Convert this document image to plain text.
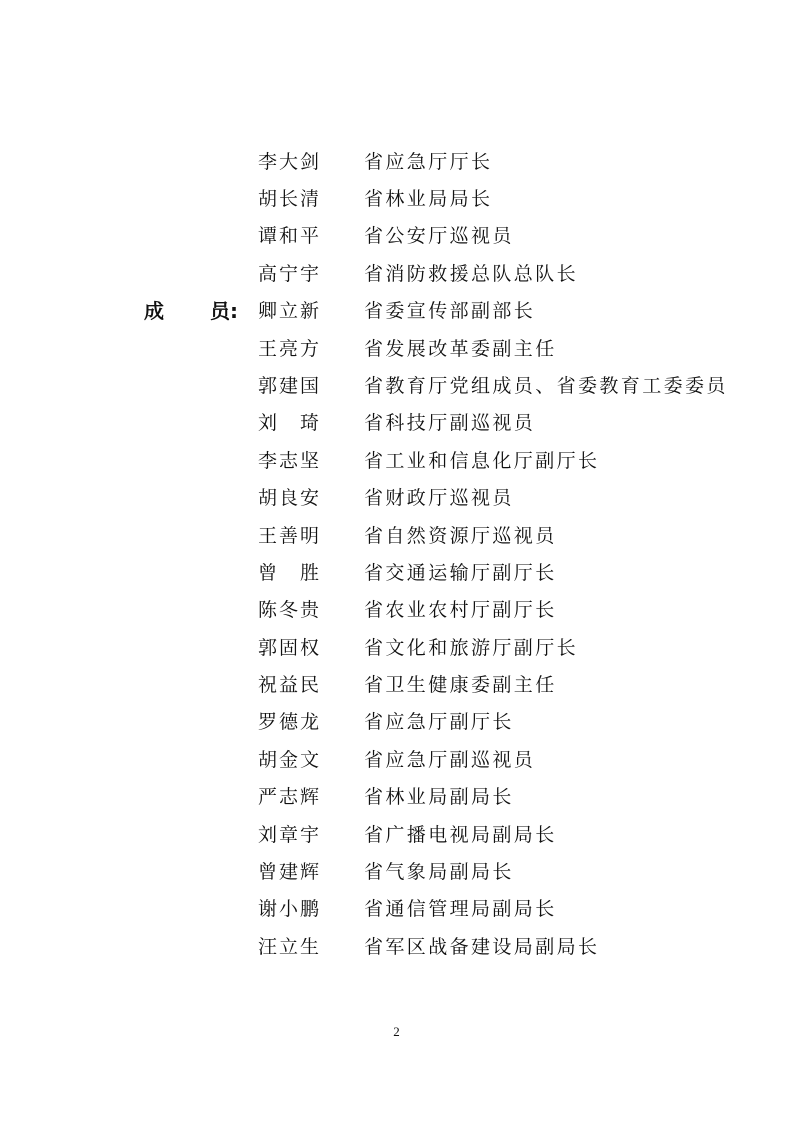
李大剑 省应急厅厅长
胡长清 省林业局局长
谭和平 省公安厅巡视员
高宁宇 省消防救援总队总队长
成 员: 卿立新 省委宣传部副部长
王亮方 省发展改革委副主任
郭建国 省教育厅党组成员、省委教育工委委员
刘 琦 省科技厅副巡视员
李志坚 省工业和信息化厅副厅长
胡良安 省财政厅巡视员
王善明 省自然资源厅巡视员
曾 胜 省交通运输厅副厅长
陈冬贵 省农业农村厅副厅长
郭固权 省文化和旅游厅副厅长
祝益民 省卫生健康委副主任
罗德龙 省应急厅副厅长
胡金文 省应急厅副巡视员
严志辉 省林业局副局长
刘章宇 省广播电视局副局长
曾建辉 省气象局副局长
谢小鹏 省通信管理局副局长
汪立生 省军区战备建设局副局长
2
